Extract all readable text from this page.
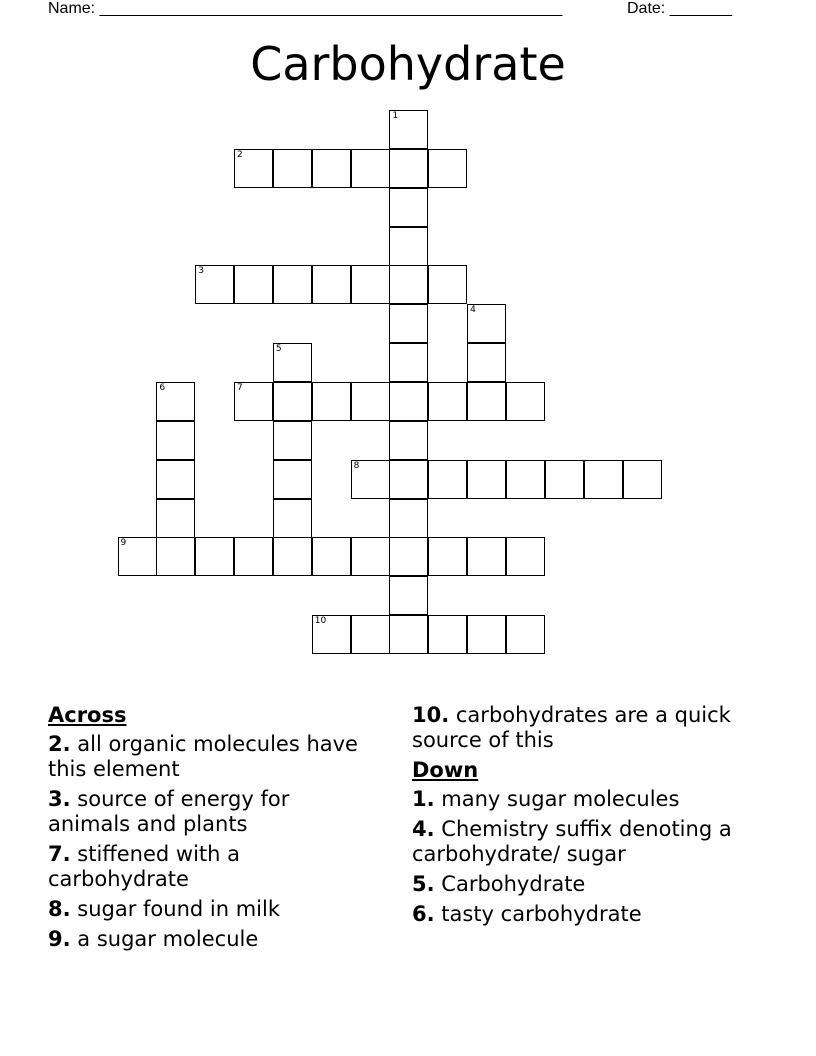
Name: ____________________________________________________	Date: _______
Carbohydrate
1
2
3
4
5
6	7
8
9
10
Across
2. all organic molecules have this element
3. source of energy for animals and plants
7. stiffened with a carbohydrate
8. sugar found in milk
9. a sugar molecule
10. carbohydrates are a quick source of this
Down
1. many sugar molecules
4. Chemistry suffix denoting a carbohydrate/ sugar
5. Carbohydrate
6. tasty carbohydrate
